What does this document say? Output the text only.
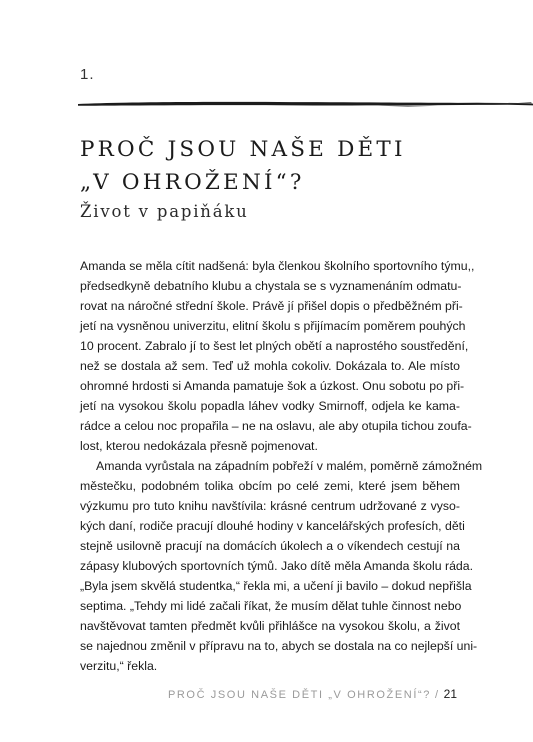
1.
PROČ JSOU NAŠE DĚTI
„V OHROŽENÍ“?
Život v papiňáku
Amanda se měla cítit nadšená: byla členkou školního sportovního týmu,,
předsedkyně debatního klubu a chystala se s vyznamenáním odmatu-
rovat na náročné střední škole. Právě jí přišel dopis o předběžném při-
jetí na vysněnou univerzitu, elitní školu s přijímacím poměrem pouhých
10 procent. Zabralo jí to šest let plných obětí a naprostého soustředění,
než se dostala až sem. Teď už mohla cokoliv. Dokázala to. Ale místo
ohromné hrdosti si Amanda pamatuje šok a úzkost. Onu sobotu po při-
jetí na vysokou školu popadla láhev vodky Smirnoff, odjela ke kama-
rádce a celou noc propařila – ne na oslavu, ale aby otupila tichou zoufa-
lost, kterou nedokázala přesně pojmenovat.
Amanda vyrůstala na západním pobřeží v malém, poměrně zámožném
městečku, podobném tolika obcím po celé zemi, které jsem během
výzkumu pro tuto knihu navštívila: krásné centrum udržované z vyso-
kých daní, rodiče pracují dlouhé hodiny v kancelářských profesích, děti
stejně usilovně pracují na domácích úkolech a o víkendech cestují na
zápasy klubových sportovních týmů. Jako dítě měla Amanda školu ráda.
„Byla jsem skvělá studentka,“ řekla mi, a učení ji bavilo – dokud nepřišla
septima. „Tehdy mi lidé začali říkat, že musím dělat tuhle činnost nebo
navštěvovat tamten předmět kvůli přihlášce na vysokou školu, a život
se najednou změnil v přípravu na to, abych se dostala na co nejlepší uni-
verzitu,“ řekla.
PROČ JSOU NAŠE DĚTI „V OHROŽENÍ“? / 21
